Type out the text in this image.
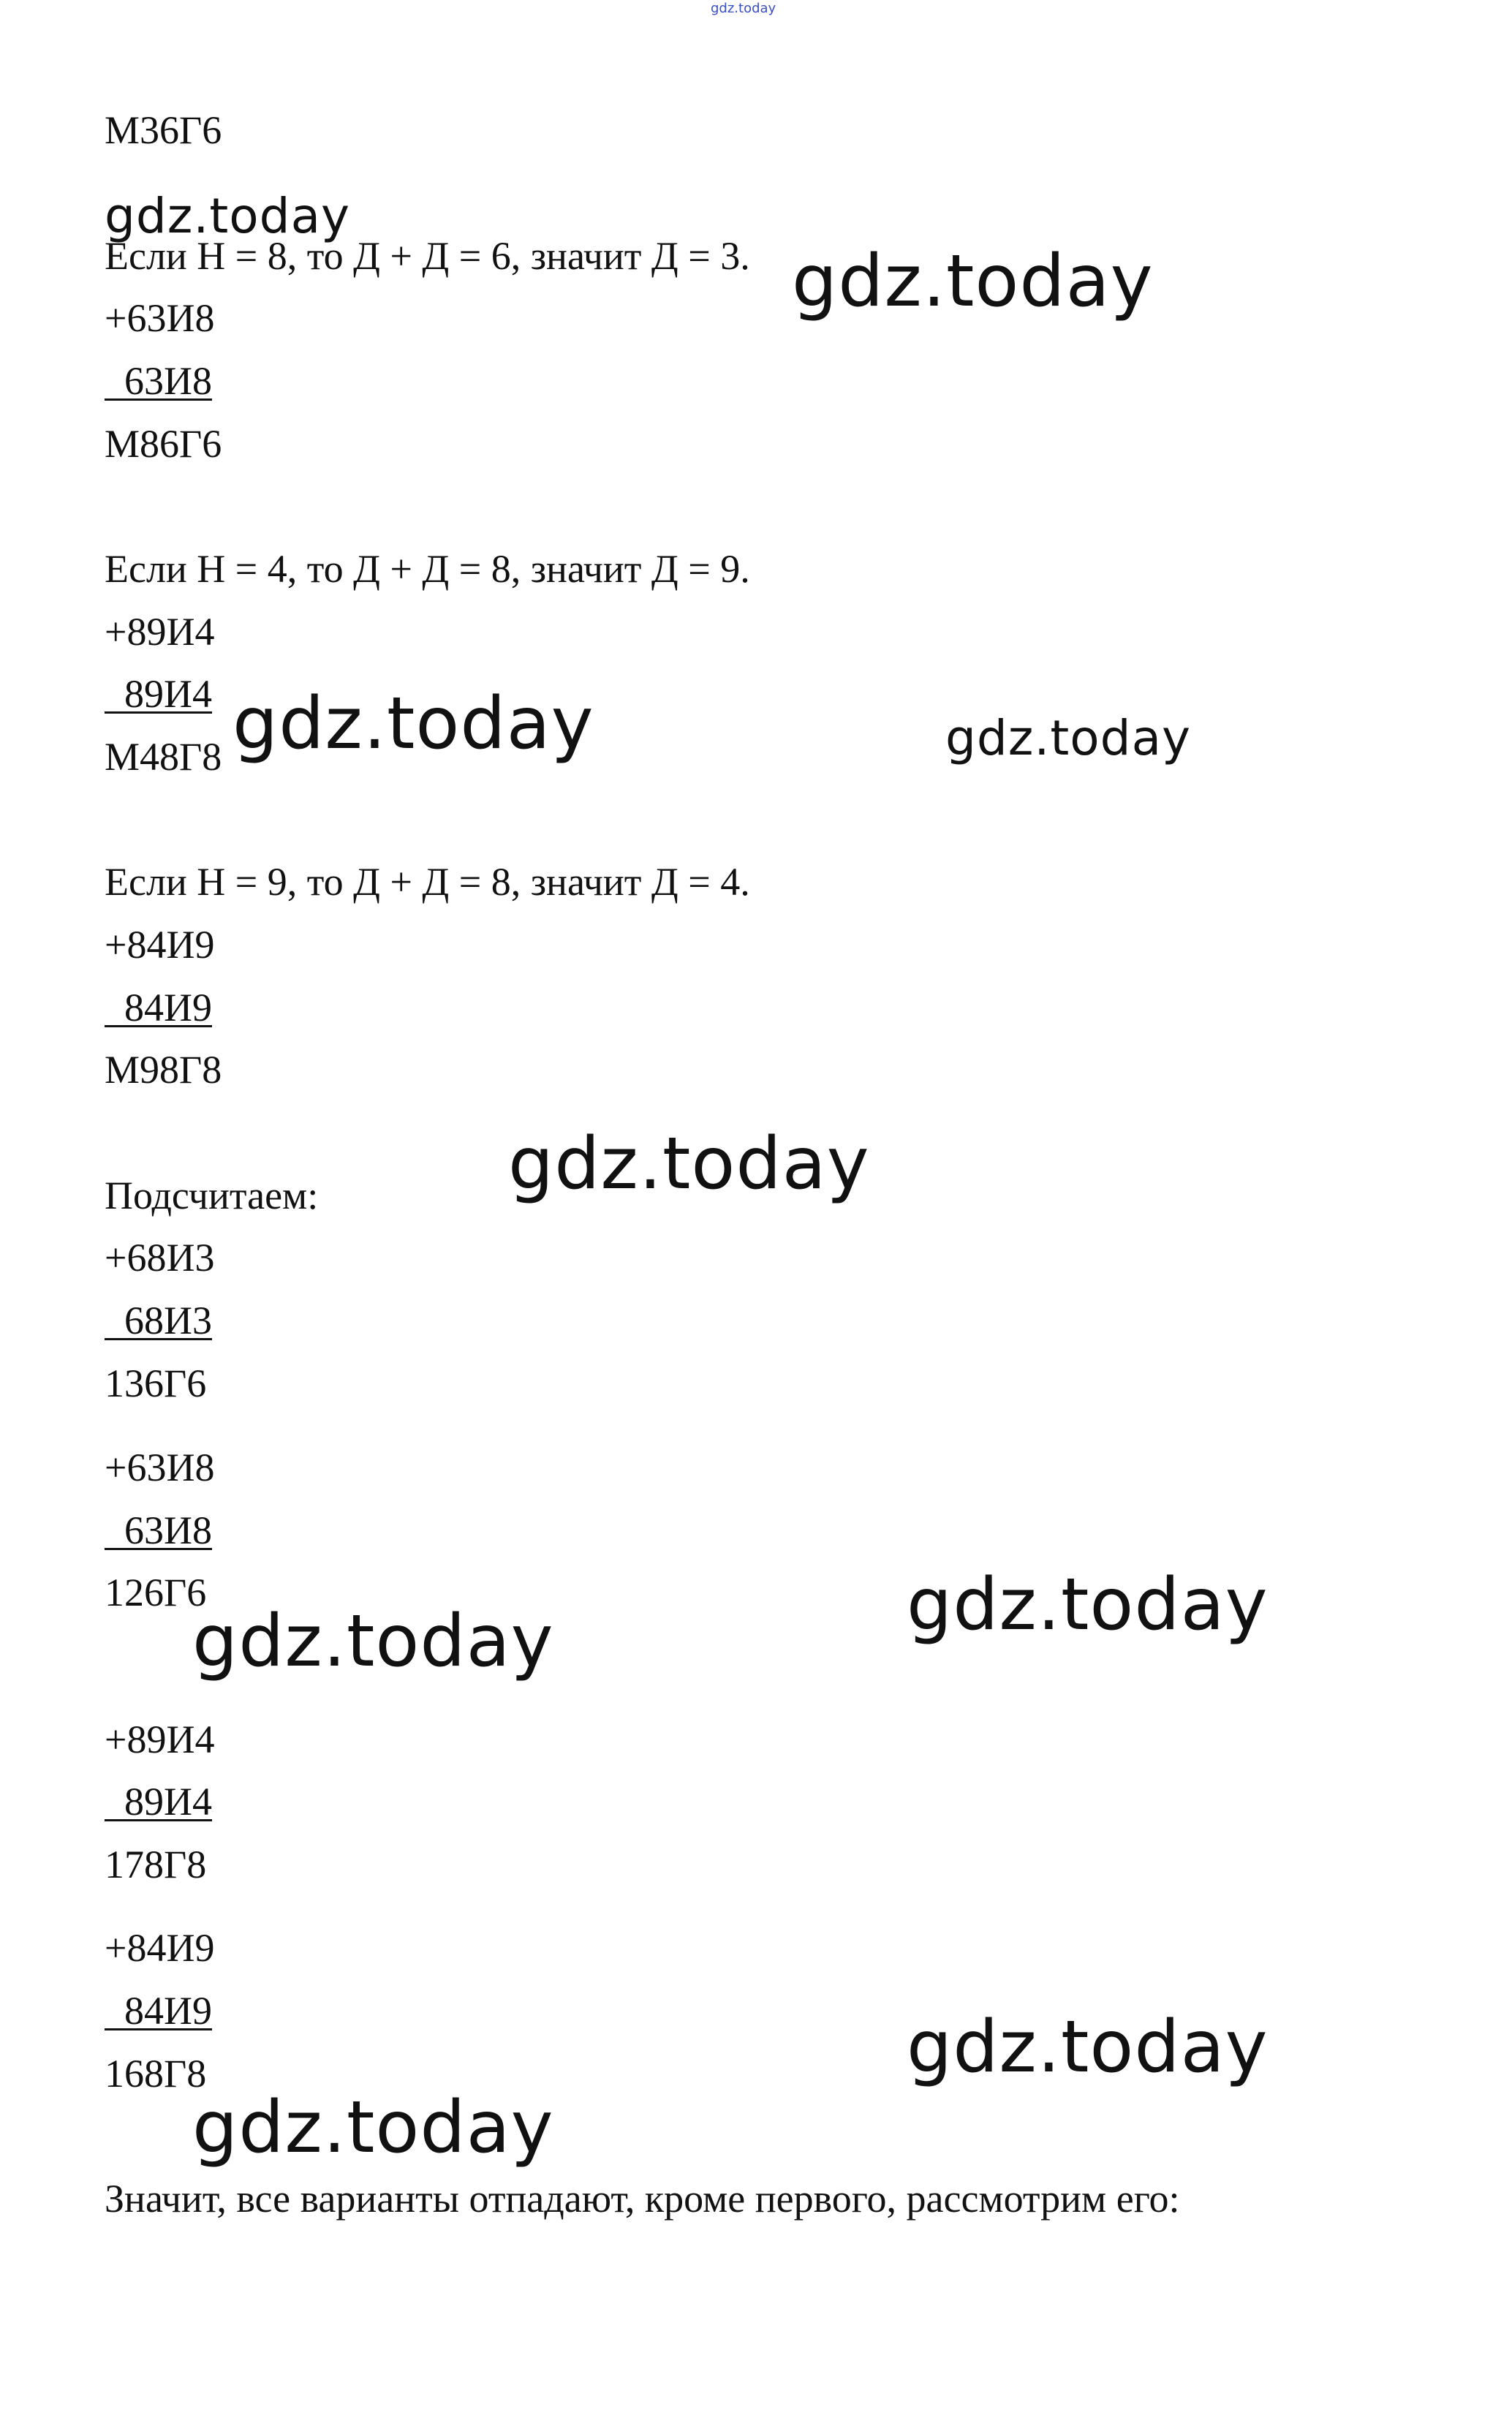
gdz.today
М36Г6
Если Н = 8, то Д + Д = 6, значит Д = 3.
+63И8
63И8
М86Г6
Если Н = 4, то Д + Д = 8, значит Д = 9.
+89И4
89И4
М48Г8
Если Н = 9, то Д + Д = 8, значит Д = 4.
+84И9
84И9
М98Г8
Подсчитаем:
+68И3
68И3
136Г6
+63И8
63И8
126Г6
+89И4
89И4
178Г8
+84И9
84И9
168Г8
Значит, все варианты отпадают, кроме первого, рассмотрим его:
gdz.today
gdz.today
gdz.today	gdz.today
gdz.today
gdz.today
gdz.today
gdz.today
gdz.today
